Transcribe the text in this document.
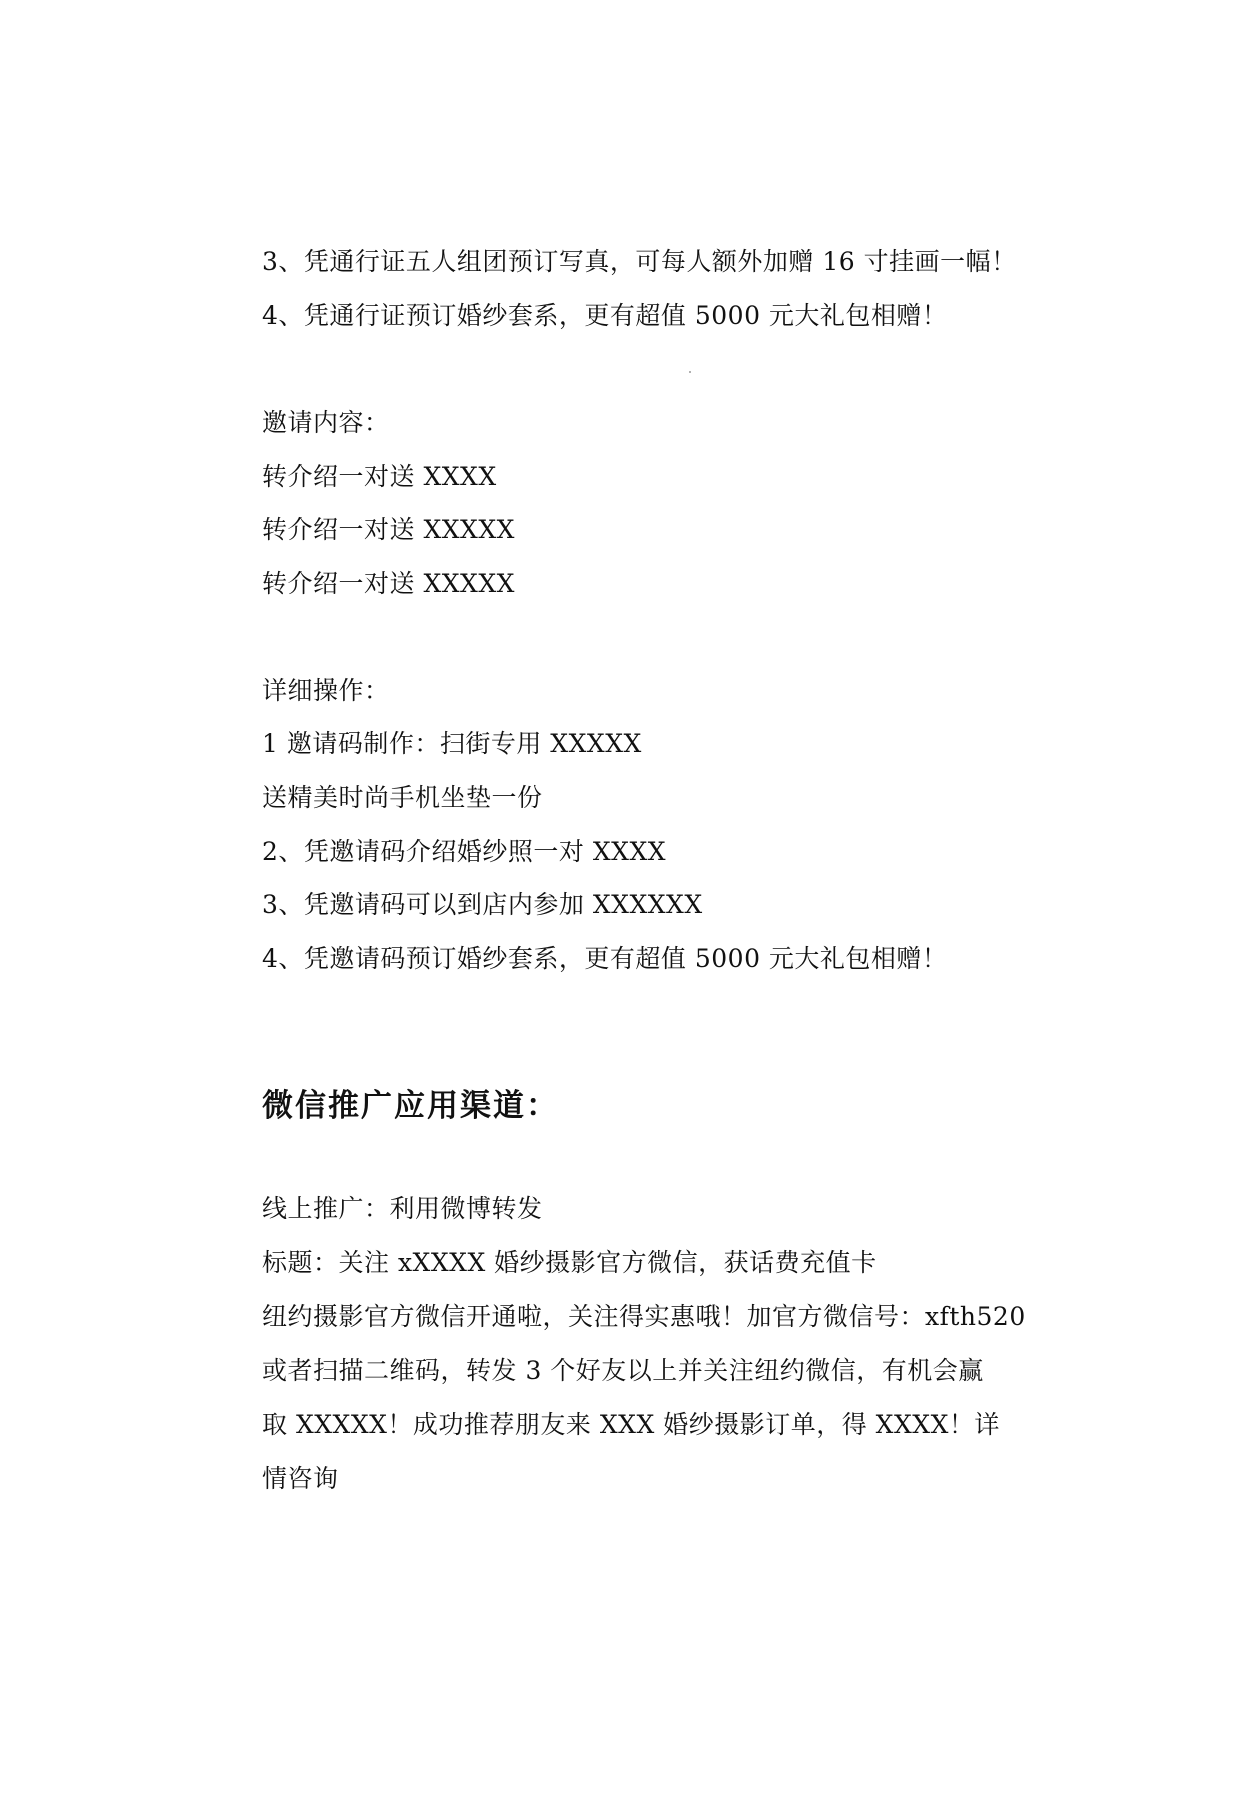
3、凭通行证五人组团预订写真，可每人额外加赠 16 寸挂画一幅！
4、凭通行证预订婚纱套系，更有超值 5000 元大礼包相赠！
邀请内容：
转介绍一对送 XXXX
转介绍一对送 XXXXX
转介绍一对送 XXXXX
详细操作：
1 邀请码制作：扫街专用 XXXXX
送精美时尚手机坐垫一份
2、凭邀请码介绍婚纱照一对 XXXX
3、凭邀请码可以到店内参加 XXXXXX
4、凭邀请码预订婚纱套系，更有超值 5000 元大礼包相赠！
微信推广应用渠道：
线上推广：利用微博转发
标题：关注 xXXXX 婚纱摄影官方微信，获话费充值卡
纽约摄影官方微信开通啦，关注得实惠哦！加官方微信号：xfth520
或者扫描二维码，转发 3 个好友以上并关注纽约微信，有机会赢
取 XXXXX！成功推荐朋友来 XXX 婚纱摄影订单，得 XXXX！详
情咨询
